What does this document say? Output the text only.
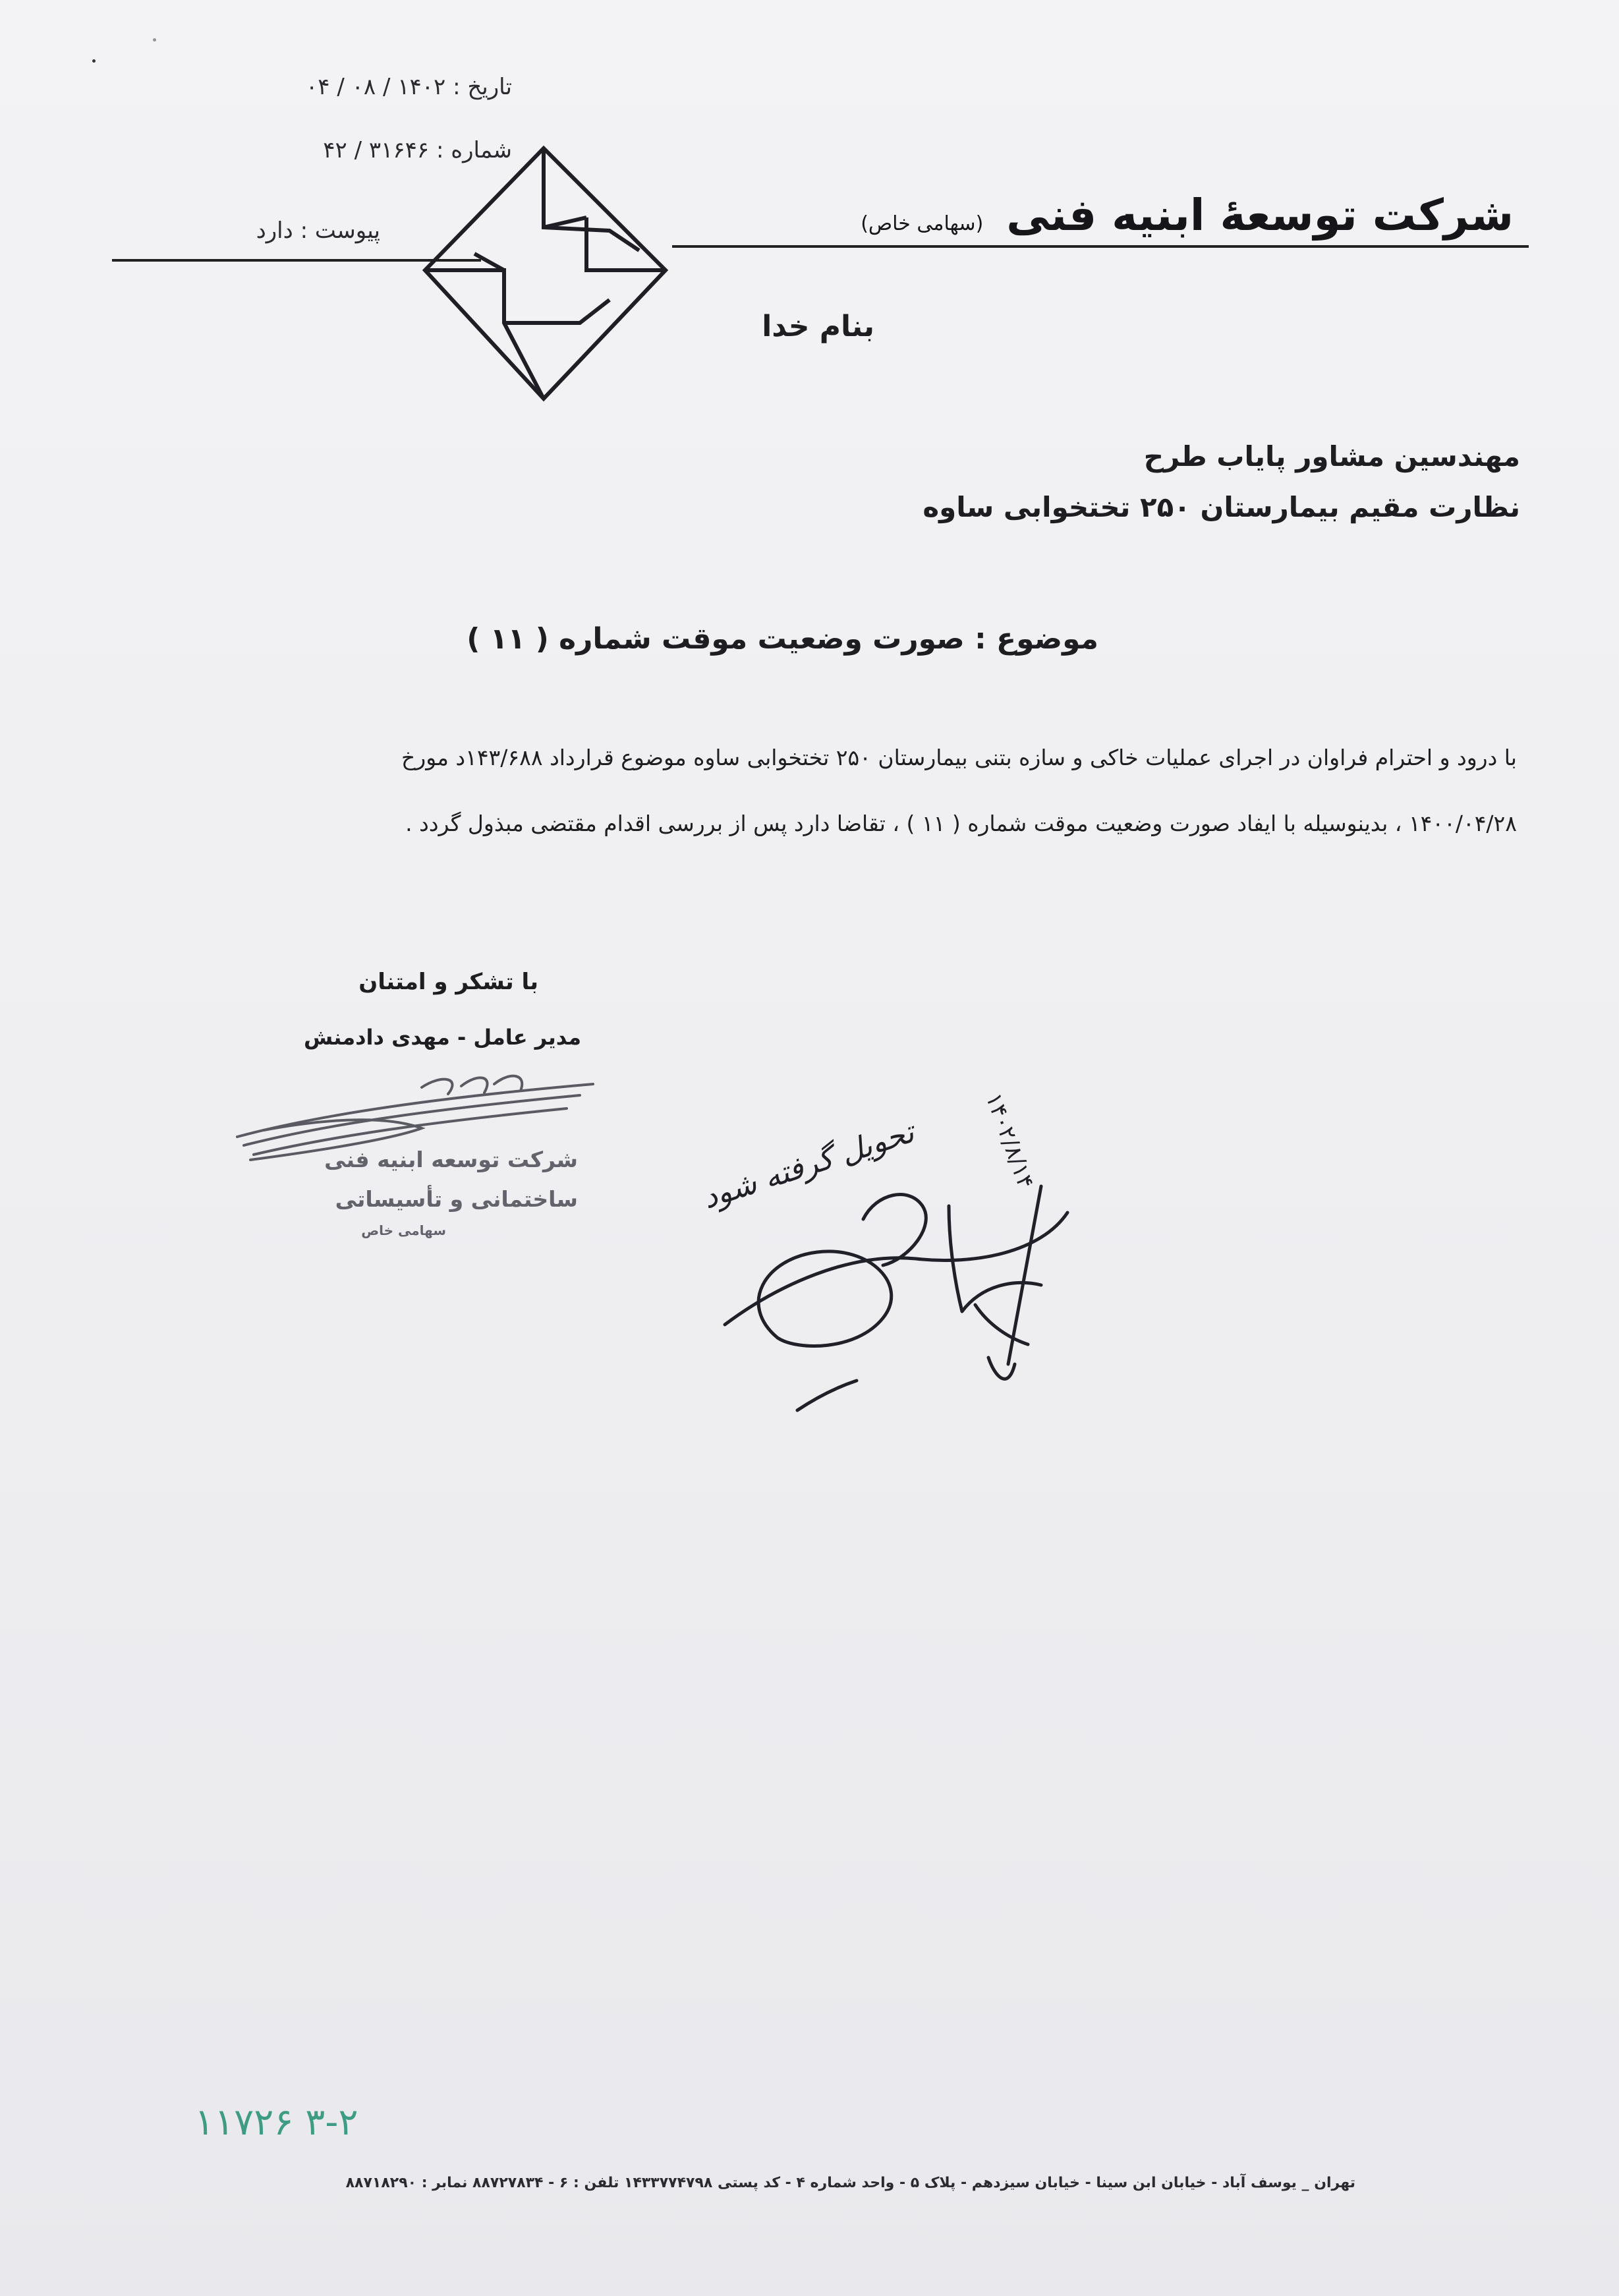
تاریخ : ۱۴۰۲ / ۰۸ / ۰۴
شماره : ۳۱۶۴۶ / ۴۲
پیوست : دارد	شرکت توسعهٔ ابنیه فنی (سهامی خاص)
بنام خدا
مهندسین مشاور پایاب طرح
نظارت مقیم بیمارستان ۲۵۰ تختخوابی ساوه
موضوع : صورت وضعیت موقت شماره ( ۱۱ )
با درود و احترام فراوان در اجرای عملیات خاکی و سازه بتنی بیمارستان ۲۵۰ تختخوابی ساوه موضوع قرارداد ۱۴۳/۶۸۸د مورخ
۱۴۰۰/۰۴/۲۸ ، بدینوسیله با ایفاد صورت وضعیت موقت شماره ( ۱۱ ) ، تقاضا دارد پس از بررسی اقدام مقتضی مبذول گردد .
با تشکر و امتنان
مدیر عامل - مهدی دادمنش
شرکت توسعه ابنیه فنی
ساختمانی و تأسیساتی
سهامی خاص
تحویل گرفته شود	۱۴۰۲/۸/۱۴
۱۱۷۲۶ ۳-۲
تهران _ یوسف آباد - خیابان ابن سینا - خیابان سیزدهم - پلاک ۵ - واحد شماره ۴ - کد پستی ۱۴۳۳۷۷۴۷۹۸ تلفن : ۶ - ۸۸۷۲۷۸۳۴ نمابر : ۸۸۷۱۸۲۹۰
